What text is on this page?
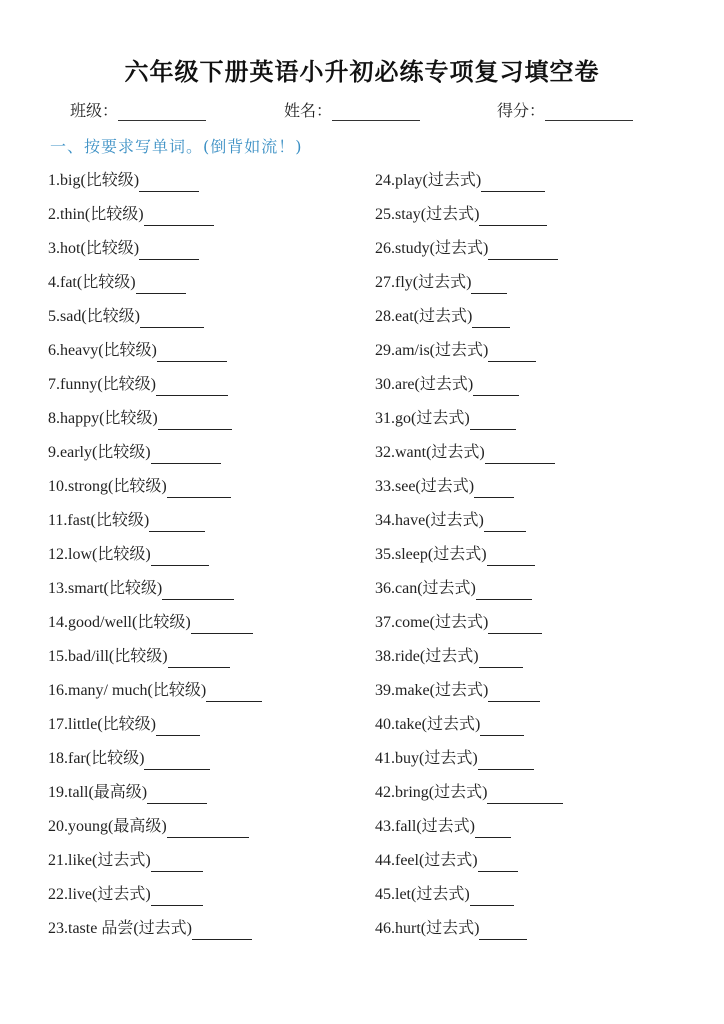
六年级下册英语小升初必练专项复习填空卷
班级：	姓名：	得分：
一、按要求写单词。(倒背如流！)
1.big(比较级)
2.thin(比较级)
3.hot(比较级)
4.fat(比较级)
5.sad(比较级)
6.heavy(比较级)
7.funny(比较级)
8.happy(比较级)
9.early(比较级)
10.strong(比较级)
11.fast(比较级)
12.low(比较级)
13.smart(比较级)
14.good/well(比较级)
15.bad/ill(比较级)
16.many/ much(比较级)
17.little(比较级)
18.far(比较级)
19.tall(最高级)
20.young(最高级)
21.like(过去式)
22.live(过去式)
23.taste 品尝(过去式)
24.play(过去式)
25.stay(过去式)
26.study(过去式)
27.fly(过去式)
28.eat(过去式)
29.am/is(过去式)
30.are(过去式)
31.go(过去式)
32.want(过去式)
33.see(过去式)
34.have(过去式)
35.sleep(过去式)
36.can(过去式)
37.come(过去式)
38.ride(过去式)
39.make(过去式)
40.take(过去式)
41.buy(过去式)
42.bring(过去式)
43.fall(过去式)
44.feel(过去式)
45.let(过去式)
46.hurt(过去式)
